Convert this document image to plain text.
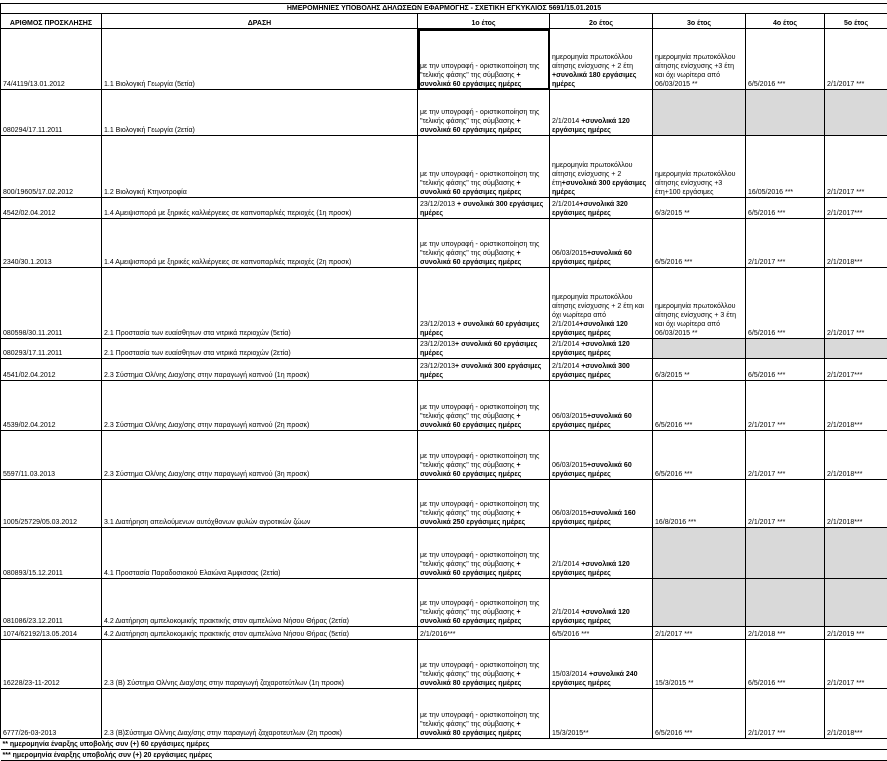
ΗΜΕΡΟΜΗΝΙΕΣ ΥΠΟΒΟΛΗΣ ΔΗΛΩΣΕΩΝ ΕΦΑΡΜΟΓΗΣ - ΣΧΕΤΙΚΗ ΕΓΚΥΚΛΙΟΣ 5691/15.01.2015						
ΑΡΙΘΜΟΣ ΠΡΟΣΚΛΗΣΗΣ	ΔΡΑΣΗ	1ο έτος	2ο έτος	3ο έτος	4ο έτος	5ο έτος
74/4119/13.01.2012	1.1 Βιολογική Γεωργία (5ετία)	με την υπογραφή - οριστικοποίηση της "τελικής φάσης" της σύμβασης + συνολικά 60 εργάσιμες ημέρες	ημερομηνία πρωτοκόλλου αίτησης ενίσχυσης + 2 έτη +συνολικά 180 εργάσιμες ημέρες	ημερομηνία πρωτοκόλλου αίτησης ενίσχυσης +3 έτη και όχι νωρίτερα από 06/03/2015 **	6/5/2016 ***	2/1/2017 ***
080294/17.11.2011	1.1 Βιολογική Γεωργία (2ετία)	με την υπογραφή - οριστικοποίηση της "τελικής φάσης" της σύμβασης + συνολικά 60 εργάσιμες ημέρες	2/1/2014 +συνολικά 120 εργάσιμες ημέρες			
800/19605/17.02.2012	1.2 Βιολογική Κτηνοτροφία	με την υπογραφή - οριστικοποίηση της "τελικής φάσης" της σύμβασης + συνολικά 60 εργάσιμες ημέρες	ημερομηνία πρωτοκόλλου αίτησης ενίσχυσης + 2 έτη+συνολικά 300 εργάσιμες ημέρες	ημερομηνία πρωτοκόλλου αίτησης ενίσχυσης +3 έτη+100 εργάσιμες	16/05/2016 ***	2/1/2017 ***
4542/02.04.2012	1.4 Αμειψισπορά με ξηρικές καλλιέργειες σε καπνοπαρ/κές περιοχές (1η προσκ)	23/12/2013 + συνολικά 300 εργάσιμες ημέρες	2/1/2014+συνολικά 320 εργάσιμες ημέρες	6/3/2015 **	6/5/2016 ***	2/1/2017***
2340/30.1.2013	1.4 Αμειψισπορά με ξηρικές καλλιέργειες σε καπνοπαρ/κές περιοχές (2η προσκ)	με την υπογραφή - οριστικοποίηση της "τελικής φάσης" της σύμβασης + συνολικά 60 εργάσιμες ημέρες	06/03/2015+συνολικά 60 εργάσιμες ημέρες	6/5/2016 ***	2/1/2017 ***	2/1/2018***
080598/30.11.2011	2.1 Προστασία των ευαίσθητων στα νιτρικά περιοχών (5ετία)	23/12/2013 + συνολικά 60 εργάσιμες ημέρες	ημερομηνία πρωτοκόλλου αίτησης ενίσχυσης + 2 έτη και όχι νωρίτερα από 2/1/2014+συνολικά 120 εργάσιμες ημέρες	ημερομηνία πρωτοκόλλου αίτησης ενίσχυσης + 3 έτη και όχι νωρίτερα από 06/03/2015 **	6/5/2016 ***	2/1/2017 ***
080293/17.11.2011	2.1 Προστασία των ευαίσθητων στα νιτρικά περιοχών (2ετία)	23/12/2013+ συνολικά 60 εργάσιμες ημέρες	2/1/2014 +συνολικά 120 εργάσιμες ημέρες			
4541/02.04.2012	2.3 Σύστημα Ολ/νης Διαχ/σης στην παραγωγή καπνού (1η προσκ)	23/12/2013+ συνολικά 300 εργάσιμες ημέρες	2/1/2014 +συνολικά 300 εργάσιμες ημέρες	6/3/2015 **	6/5/2016 ***	2/1/2017***
4539/02.04.2012	2.3 Σύστημα Ολ/νης Διαχ/σης στην παραγωγή καπνού (2η προσκ)	με την υπογραφή - οριστικοποίηση της "τελικής φάσης" της σύμβασης + συνολικά 60 εργάσιμες ημέρες	06/03/2015+συνολικά 60 εργάσιμες ημέρες	6/5/2016 ***	2/1/2017 ***	2/1/2018***
5597/11.03.2013	2.3 Σύστημα Ολ/νης Διαχ/σης στην παραγωγή καπνού (3η προσκ)	με την υπογραφή - οριστικοποίηση της "τελικής φάσης" της σύμβασης + συνολικά 60 εργάσιμες ημέρες	06/03/2015+συνολικά 60 εργάσιμες ημέρες	6/5/2016 ***	2/1/2017 ***	2/1/2018***
1005/25729/05.03.2012	3.1 Διατήρηση απειλούμενων αυτόχθονων φυλών αγροτικών ζώων	με την υπογραφή - οριστικοποίηση της "τελικής φάσης" της σύμβασης + συνολικά 250 εργάσιμες ημέρες	06/03/2015+συνολικά 160 εργάσιμες ημέρες	16/8/2016 ***	2/1/2017 ***	2/1/2018***
080893/15.12.2011	4.1 Προστασία Παραδοσιακού Ελαιώνα Άμφισσας (2ετία)	με την υπογραφή - οριστικοποίηση της "τελικής φάσης" της σύμβασης + συνολικά 60 εργάσιμες ημέρες	2/1/2014 +συνολικά 120 εργάσιμες ημέρες			
081086/23.12.2011	4.2 Διατήρηση αμπελοκομικής πρακτικής στον αμπελώνα Νήσου Θήρας (2ετία)	με την υπογραφή - οριστικοποίηση της "τελικής φάσης" της σύμβασης + συνολικά 60 εργάσιμες ημέρες	2/1/2014 +συνολικά 120 εργάσιμες ημέρες			
1074/62192/13.05.2014	4.2 Διατήρηση αμπελοκομικής πρακτικής στον αμπελώνα Νήσου Θήρας (5ετία)	2/1/2016***	6/5/2016 ***	2/1/2017 ***	2/1/2018 ***	2/1/2019 ***
16228/23-11-2012	2.3 (Β) Σύστημα Ολ/νης Διαχ/σης στην παραγωγή ζαχαροτεύτλων (1η προσκ)	με την υπογραφή - οριστικοποίηση της "τελικής φάσης" της σύμβασης + συνολικά 80 εργάσιμες ημέρες	15/03/2014 +συνολικά 240 εργάσιμες ημέρες	15/3/2015 **	6/5/2016 ***	2/1/2017 ***
6777/26-03-2013	2.3 (Β)Σύστημα Ολ/νης Διαχ/σης στην παραγωγή ζαχαροτευτλων (2η προσκ)	με την υπογραφή - οριστικοποίηση της "τελικής φάσης" της σύμβασης + συνολικά 80 εργάσιμες ημέρες	15/3/2015**	6/5/2016 ***	2/1/2017 ***	2/1/2018***
** ημερομηνία έναρξης υποβολής συν (+) 60 εργάσιμες ημέρες						
*** ημερομηνία έναρξης υποβολής συν (+) 20 εργάσιμες ημέρες						
